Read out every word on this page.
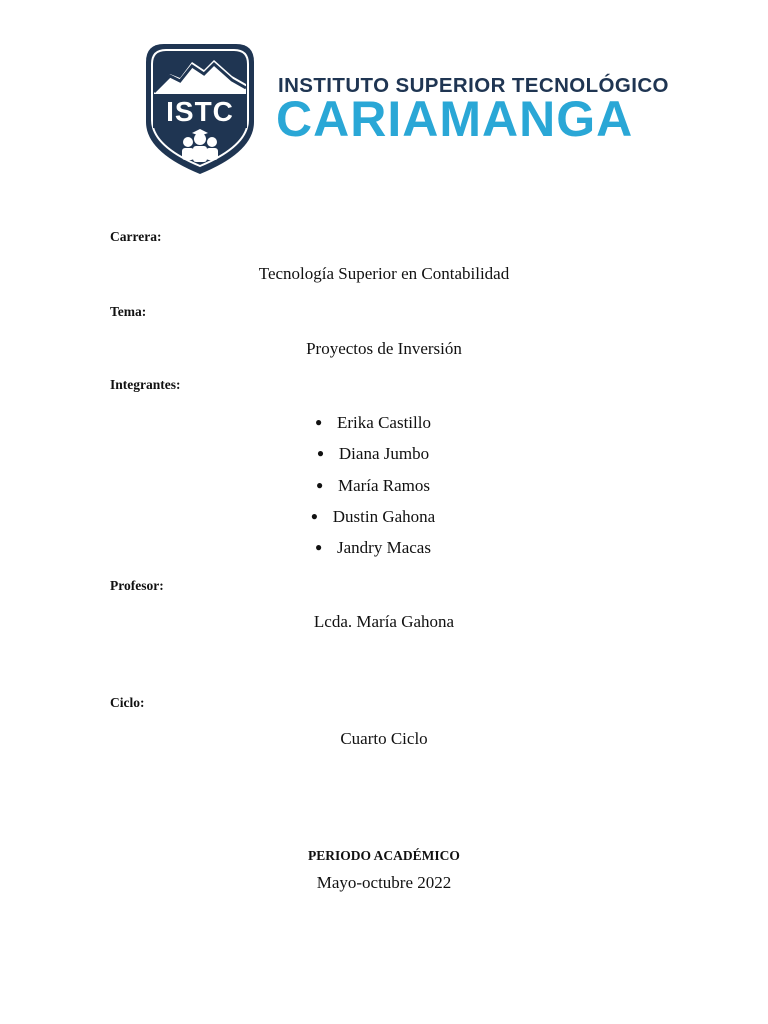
ISTC
INSTITUTO SUPERIOR TECNOLÓGICO
CARIAMANGA
Carrera:
Tecnología Superior en Contabilidad
Tema:
Proyectos de Inversión
Integrantes:
● Erika Castillo
● Diana Jumbo
● María Ramos
● Dustin Gahona
● Jandry Macas
Profesor:
Lcda. María Gahona
Ciclo:
Cuarto Ciclo
PERIODO ACADÉMICO
Mayo-octubre 2022
